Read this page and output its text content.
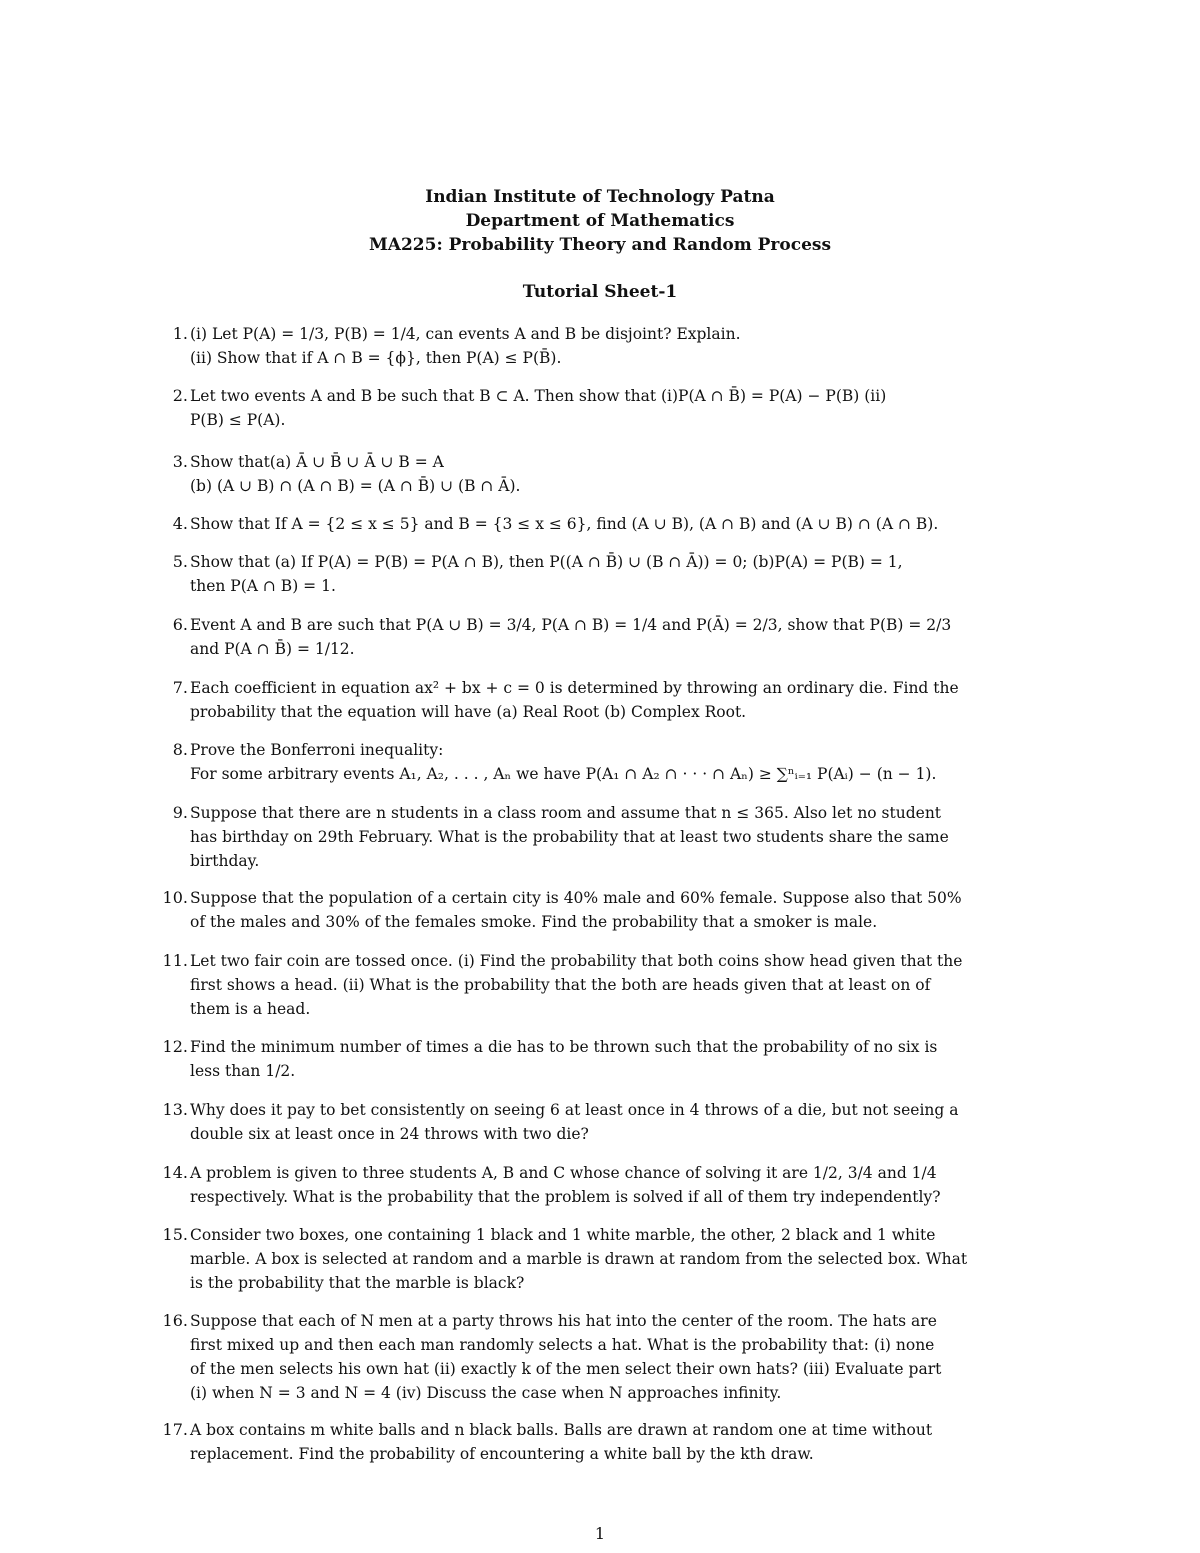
Indian Institute of Technology Patna
Department of Mathematics
MA225: Probability Theory and Random Process
Tutorial Sheet-1
1. (i) Let P(A) = 1/3, P(B) = 1/4, can events A and B be disjoint? Explain.
(ii) Show that if A ∩ B = {ϕ}, then P(A) ≤ P(B̄).
2. Let two events A and B be such that B ⊂ A. Then show that (i)P(A ∩ B̄) = P(A) − P(B) (ii)
P(B) ≤ P(A).
3. Show that(a) Ā ∪ B̄ ∪ Ā ∪ B = A
(b) (A ∪ B) ∩ (A ∩ B) = (A ∩ B̄) ∪ (B ∩ Ā).
4. Show that If A = {2 ≤ x ≤ 5} and B = {3 ≤ x ≤ 6}, find (A ∪ B), (A ∩ B) and (A ∪ B) ∩ (A ∩ B).
5. Show that (a) If P(A) = P(B) = P(A ∩ B), then P((A ∩ B̄) ∪ (B ∩ Ā)) = 0; (b)P(A) = P(B) = 1,
then P(A ∩ B) = 1.
6. Event A and B are such that P(A ∪ B) = 3/4, P(A ∩ B) = 1/4 and P(Ā) = 2/3, show that P(B) = 2/3
and P(A ∩ B̄) = 1/12.
7. Each coefficient in equation ax² + bx + c = 0 is determined by throwing an ordinary die. Find the
probability that the equation will have (a) Real Root (b) Complex Root.
8. Prove the Bonferroni inequality:
For some arbitrary events A₁, A₂, . . . , Aₙ we have P(A₁ ∩ A₂ ∩ · · · ∩ Aₙ) ≥ ∑ⁿᵢ₌₁ P(Aᵢ) − (n − 1).
9. Suppose that there are n students in a class room and assume that n ≤ 365. Also let no student
has birthday on 29th February. What is the probability that at least two students share the same
birthday.
10. Suppose that the population of a certain city is 40% male and 60% female. Suppose also that 50%
of the males and 30% of the females smoke. Find the probability that a smoker is male.
11. Let two fair coin are tossed once. (i) Find the probability that both coins show head given that the
first shows a head. (ii) What is the probability that the both are heads given that at least on of
them is a head.
12. Find the minimum number of times a die has to be thrown such that the probability of no six is
less than 1/2.
13. Why does it pay to bet consistently on seeing 6 at least once in 4 throws of a die, but not seeing a
double six at least once in 24 throws with two die?
14. A problem is given to three students A, B and C whose chance of solving it are 1/2, 3/4 and 1/4
respectively. What is the probability that the problem is solved if all of them try independently?
15. Consider two boxes, one containing 1 black and 1 white marble, the other, 2 black and 1 white
marble. A box is selected at random and a marble is drawn at random from the selected box. What
is the probability that the marble is black?
16. Suppose that each of N men at a party throws his hat into the center of the room. The hats are
first mixed up and then each man randomly selects a hat. What is the probability that: (i) none
of the men selects his own hat (ii) exactly k of the men select their own hats? (iii) Evaluate part
(i) when N = 3 and N = 4 (iv) Discuss the case when N approaches infinity.
17. A box contains m white balls and n black balls. Balls are drawn at random one at time without
replacement. Find the probability of encountering a white ball by the kth draw.
1
